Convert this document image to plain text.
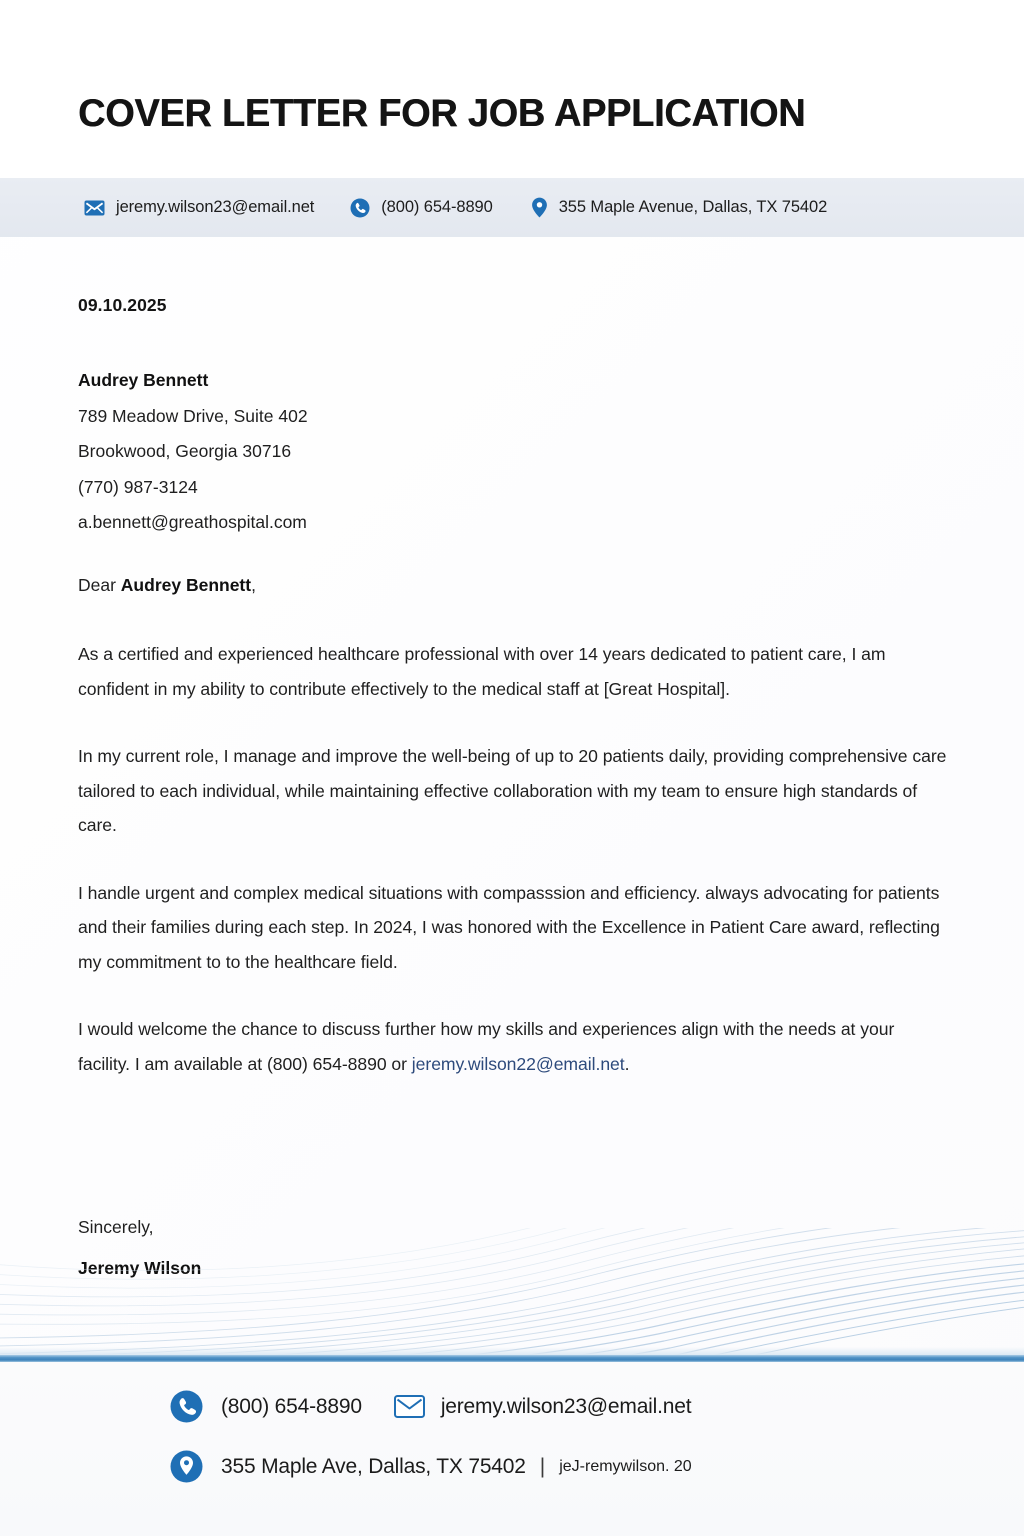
COVER LETTER FOR JOB APPLICATION
jeremy.wilson23@email.net	(800) 654-8890	355 Maple Avenue, Dallas, TX 75402
09.10.2025
Audrey Bennett
789 Meadow Drive, Suite 402
Brookwood, Georgia 30716
(770) 987-3124
a.bennett@greathospital.com
Dear Audrey Bennett,

As a certified and experienced healthcare professional with over 14 years dedicated to patient care, I am confident in my ability to contribute effectively to the medical staff at [Great Hospital].

In my current role, I manage and improve the well-being of up to 20 patients daily, providing comprehensive care tailored to each individual, while maintaining effective collaboration with my team to ensure high standards of care.

I handle urgent and complex medical situations with compasssion and efficiency. always advocating for patients and their families during each step. In 2024, I was honored with the Excellence in Patient Care award, reflecting my commitment to to the healthcare field.

I would welcome the chance to discuss further how my skills and experiences align with the needs at your facility. I am available at (800) 654-8890 or jeremy.wilson22@email.net.

Sincerely,
Jeremy Wilson
(800) 654-8890	jeremy.wilson23@email.net
355 Maple Ave, Dallas, TX 75402 | jeJ-remywilson. 20
